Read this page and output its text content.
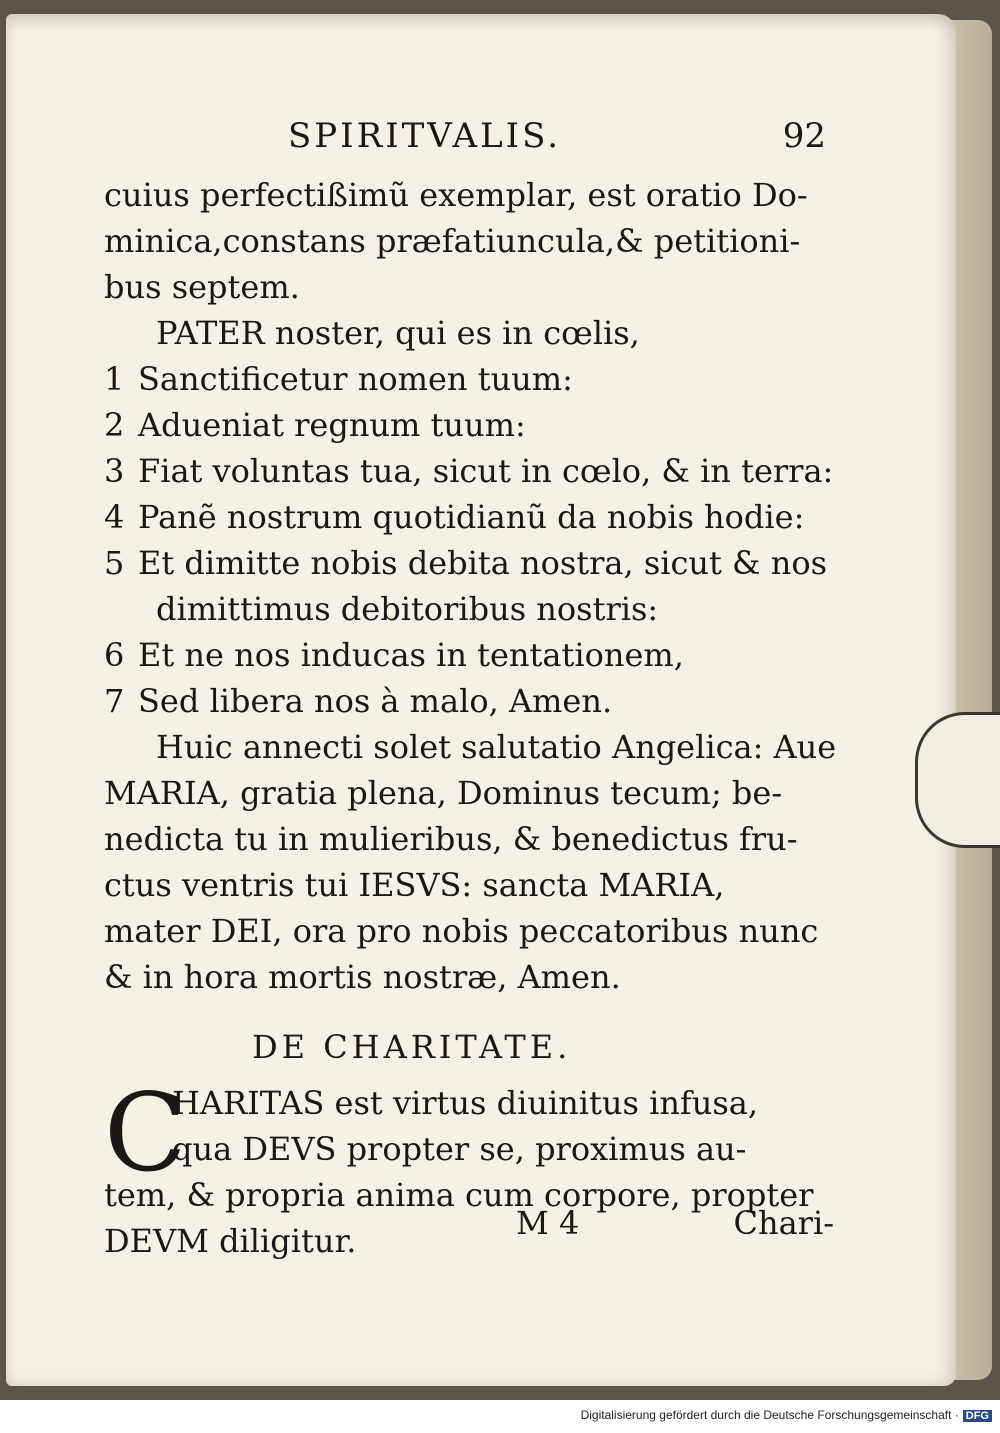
SPIRITVALIS.	92
cuius perfectißimũ exemplar, est oratio Do-
minica,constans præfatiuncula,& petitioni-
bus septem.
PATER noster, qui es in cœlis,
1 Sanctificetur nomen tuum:
2 Adueniat regnum tuum:
3 Fiat voluntas tua, sicut in cœlo, & in terra:
4 Panẽ nostrum quotidianũ da nobis hodie:
5 Et dimitte nobis debita nostra, sicut & nos
dimittimus debitoribus nostris:
6 Et ne nos inducas in tentationem,
7 Sed libera nos à malo, Amen.
Huic annecti solet salutatio Angelica: Aue
MARIA, gratia plena, Dominus tecum; be-
nedicta tu in mulieribus, & benedictus fru-
ctus ventris tui IESVS: sancta MARIA,
mater DEI, ora pro nobis peccatoribus nunc
& in hora mortis nostræ, Amen.
DE CHARITATE.
C
HARITAS est virtus diuinitus infusa,
qua DEVS propter se, proximus au-
tem, & propria anima cum corpore, propter
DEVM diligitur.	M 4	Chari-
Digitalisierung gefördert durch die Deutsche Forschungsgemeinschaft · DFG
